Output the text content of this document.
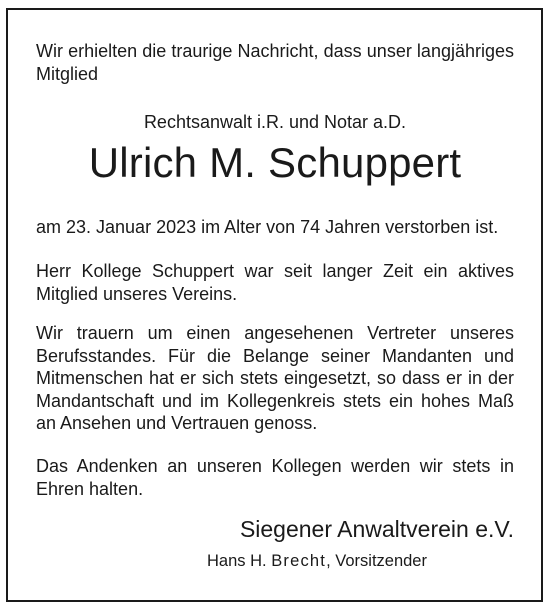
Wir erhielten die traurige Nachricht, dass unser langjähriges Mitglied

Rechtsanwalt i.R. und Notar a.D.
Ulrich M. Schuppert

am 23. Januar 2023 im Alter von 74 Jahren verstorben ist.

Herr Kollege Schuppert war seit langer Zeit ein aktives Mitglied unseres Vereins.

Wir trauern um einen angesehenen Vertreter unseres Berufsstandes. Für die Belange seiner Mandanten und Mitmenschen hat er sich stets eingesetzt, so dass er in der Mandantschaft und im Kollegenkreis stets ein hohes Maß an Ansehen und Vertrauen genoss.

Das Andenken an unseren Kollegen werden wir stets in Ehren halten.

Siegener Anwaltverein e.V.
Hans H. Brecht, Vorsitzender
